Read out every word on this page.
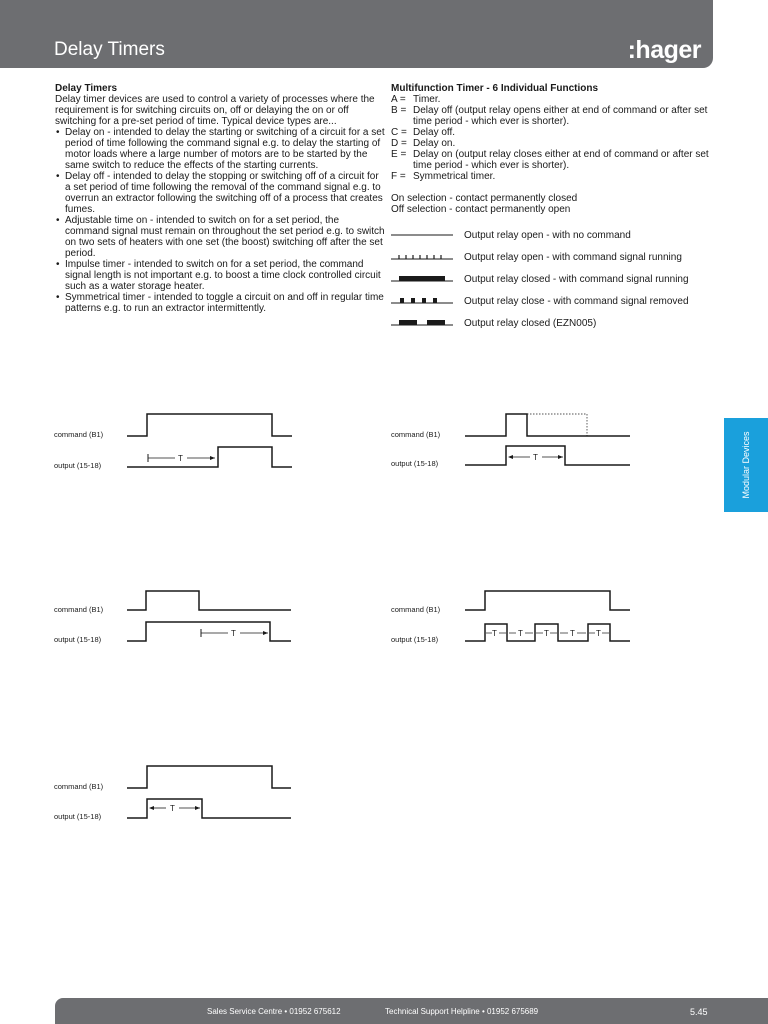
Delay Timers	:hager

Delay Timers

Delay timer devices are used to control a variety of processes where the requirement is for switching circuits on, off or delaying the on or off switching for a pre-set period of time. Typical device types are...

• Delay on - intended to delay the starting or switching of a circuit for a set period of time following the command signal e.g. to delay the starting of motor loads where a large number of motors are to be started by the same switch to reduce the effects of the starting currents.
• Delay off - intended to delay the stopping or switching off of a circuit for a set period of time following the removal of the command signal e.g. to overrun an extractor following the switching off of a process that creates fumes.
• Adjustable time on - intended to switch on for a set period, the command signal must remain on throughout the set period e.g. to switch on two sets of heaters with one set (the boost) switching off after the set period.
• Impulse timer - intended to switch on for a set period, the command signal length is not important e.g. to boost a time clock controlled circuit such as a water storage heater.
• Symmetrical timer - intended to toggle a circuit on and off in regular time patterns e.g. to run an extractor intermittently.

Multifunction Timer - 6 Individual Functions

A = Timer.
B = Delay off (output relay opens either at end of command or after set time period - which ever is shorter).
C = Delay off.
D = Delay on.
E = Delay on (output relay closes either at end of command or after set time period - which ever is shorter).
F = Symmetrical timer.
On selection - contact permanently closed
Off selection - contact permanently open
Output relay open - with no command
Output relay open - with command signal running
Output relay closed - with command signal running
Output relay close - with command signal removed
Output relay closed (EZN005)
command (B1)
output (15-18)
T
command (B1)
output (15-18)
T
command (B1)
output (15-18)
T
command (B1)
output (15-18)
T	T	T	T	T
command (B1)
output (15-18)
T
Modular Devices
Sales Service Centre • 01952 675612	Technical Support Helpline • 01952 675689	5.45
